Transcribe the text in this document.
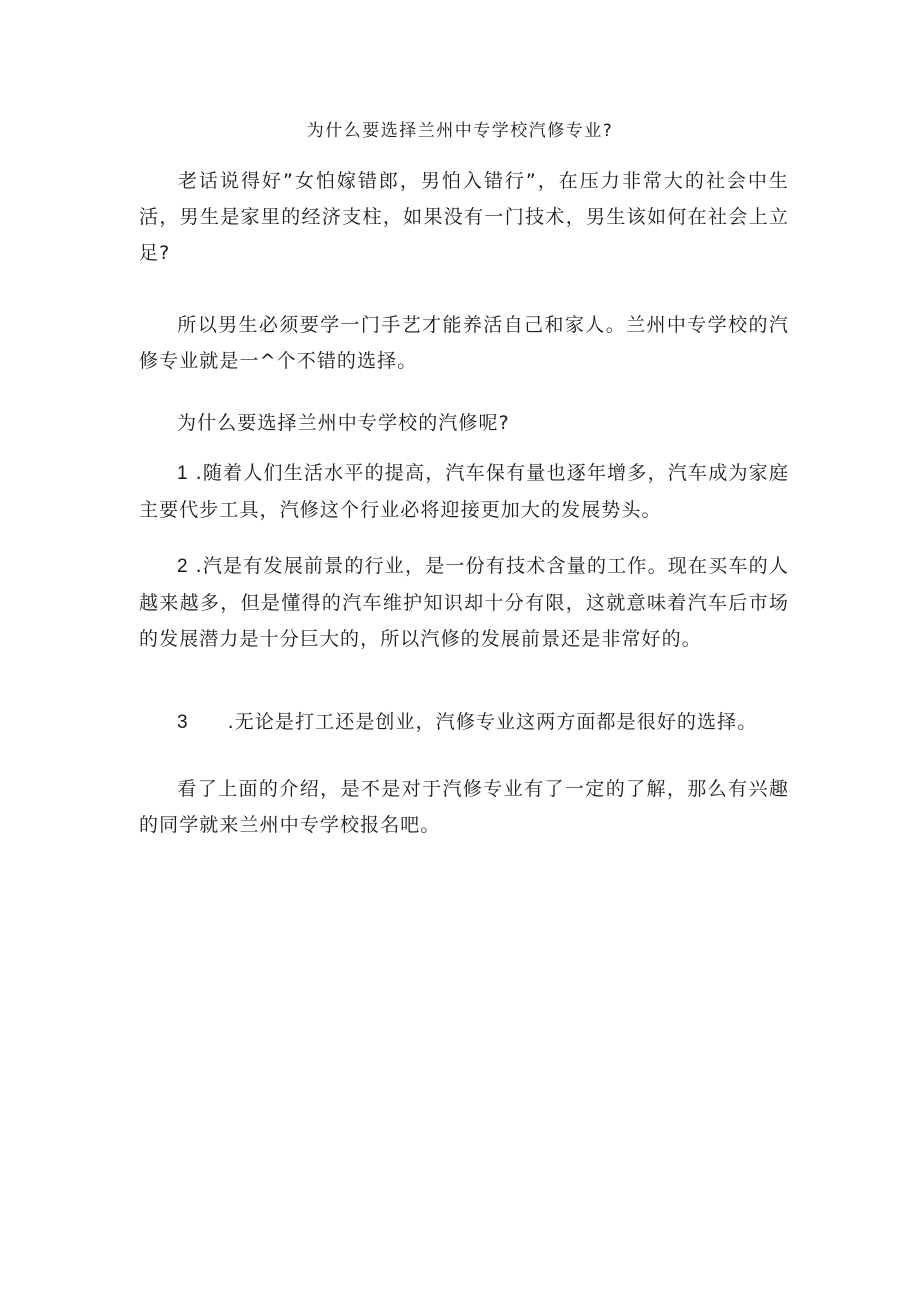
为什么要选择兰州中专学校汽修专业?
老话说得好”女怕嫁错郎，男怕入错行”，在压力非常大的社会中生活，男生是家里的经济支柱，如果没有一门技术，男生该如何在社会上立足?
所以男生必须要学一门手艺才能养活自己和家人。兰州中专学校的汽修专业就是一^个不错的选择。
为什么要选择兰州中专学校的汽修呢?
1 .随着人们生活水平的提高，汽车保有量也逐年增多，汽车成为家庭主要代步工具，汽修这个行业必将迎接更加大的发展势头。
2 .汽是有发展前景的行业，是一份有技术含量的工作。现在买车的人越来越多，但是懂得的汽车维护知识却十分有限，这就意味着汽车后市场的发展潜力是十分巨大的，所以汽修的发展前景还是非常好的。
3 .无论是打工还是创业，汽修专业这两方面都是很好的选择。
看了上面的介绍，是不是对于汽修专业有了一定的了解，那么有兴趣的同学就来兰州中专学校报名吧。
